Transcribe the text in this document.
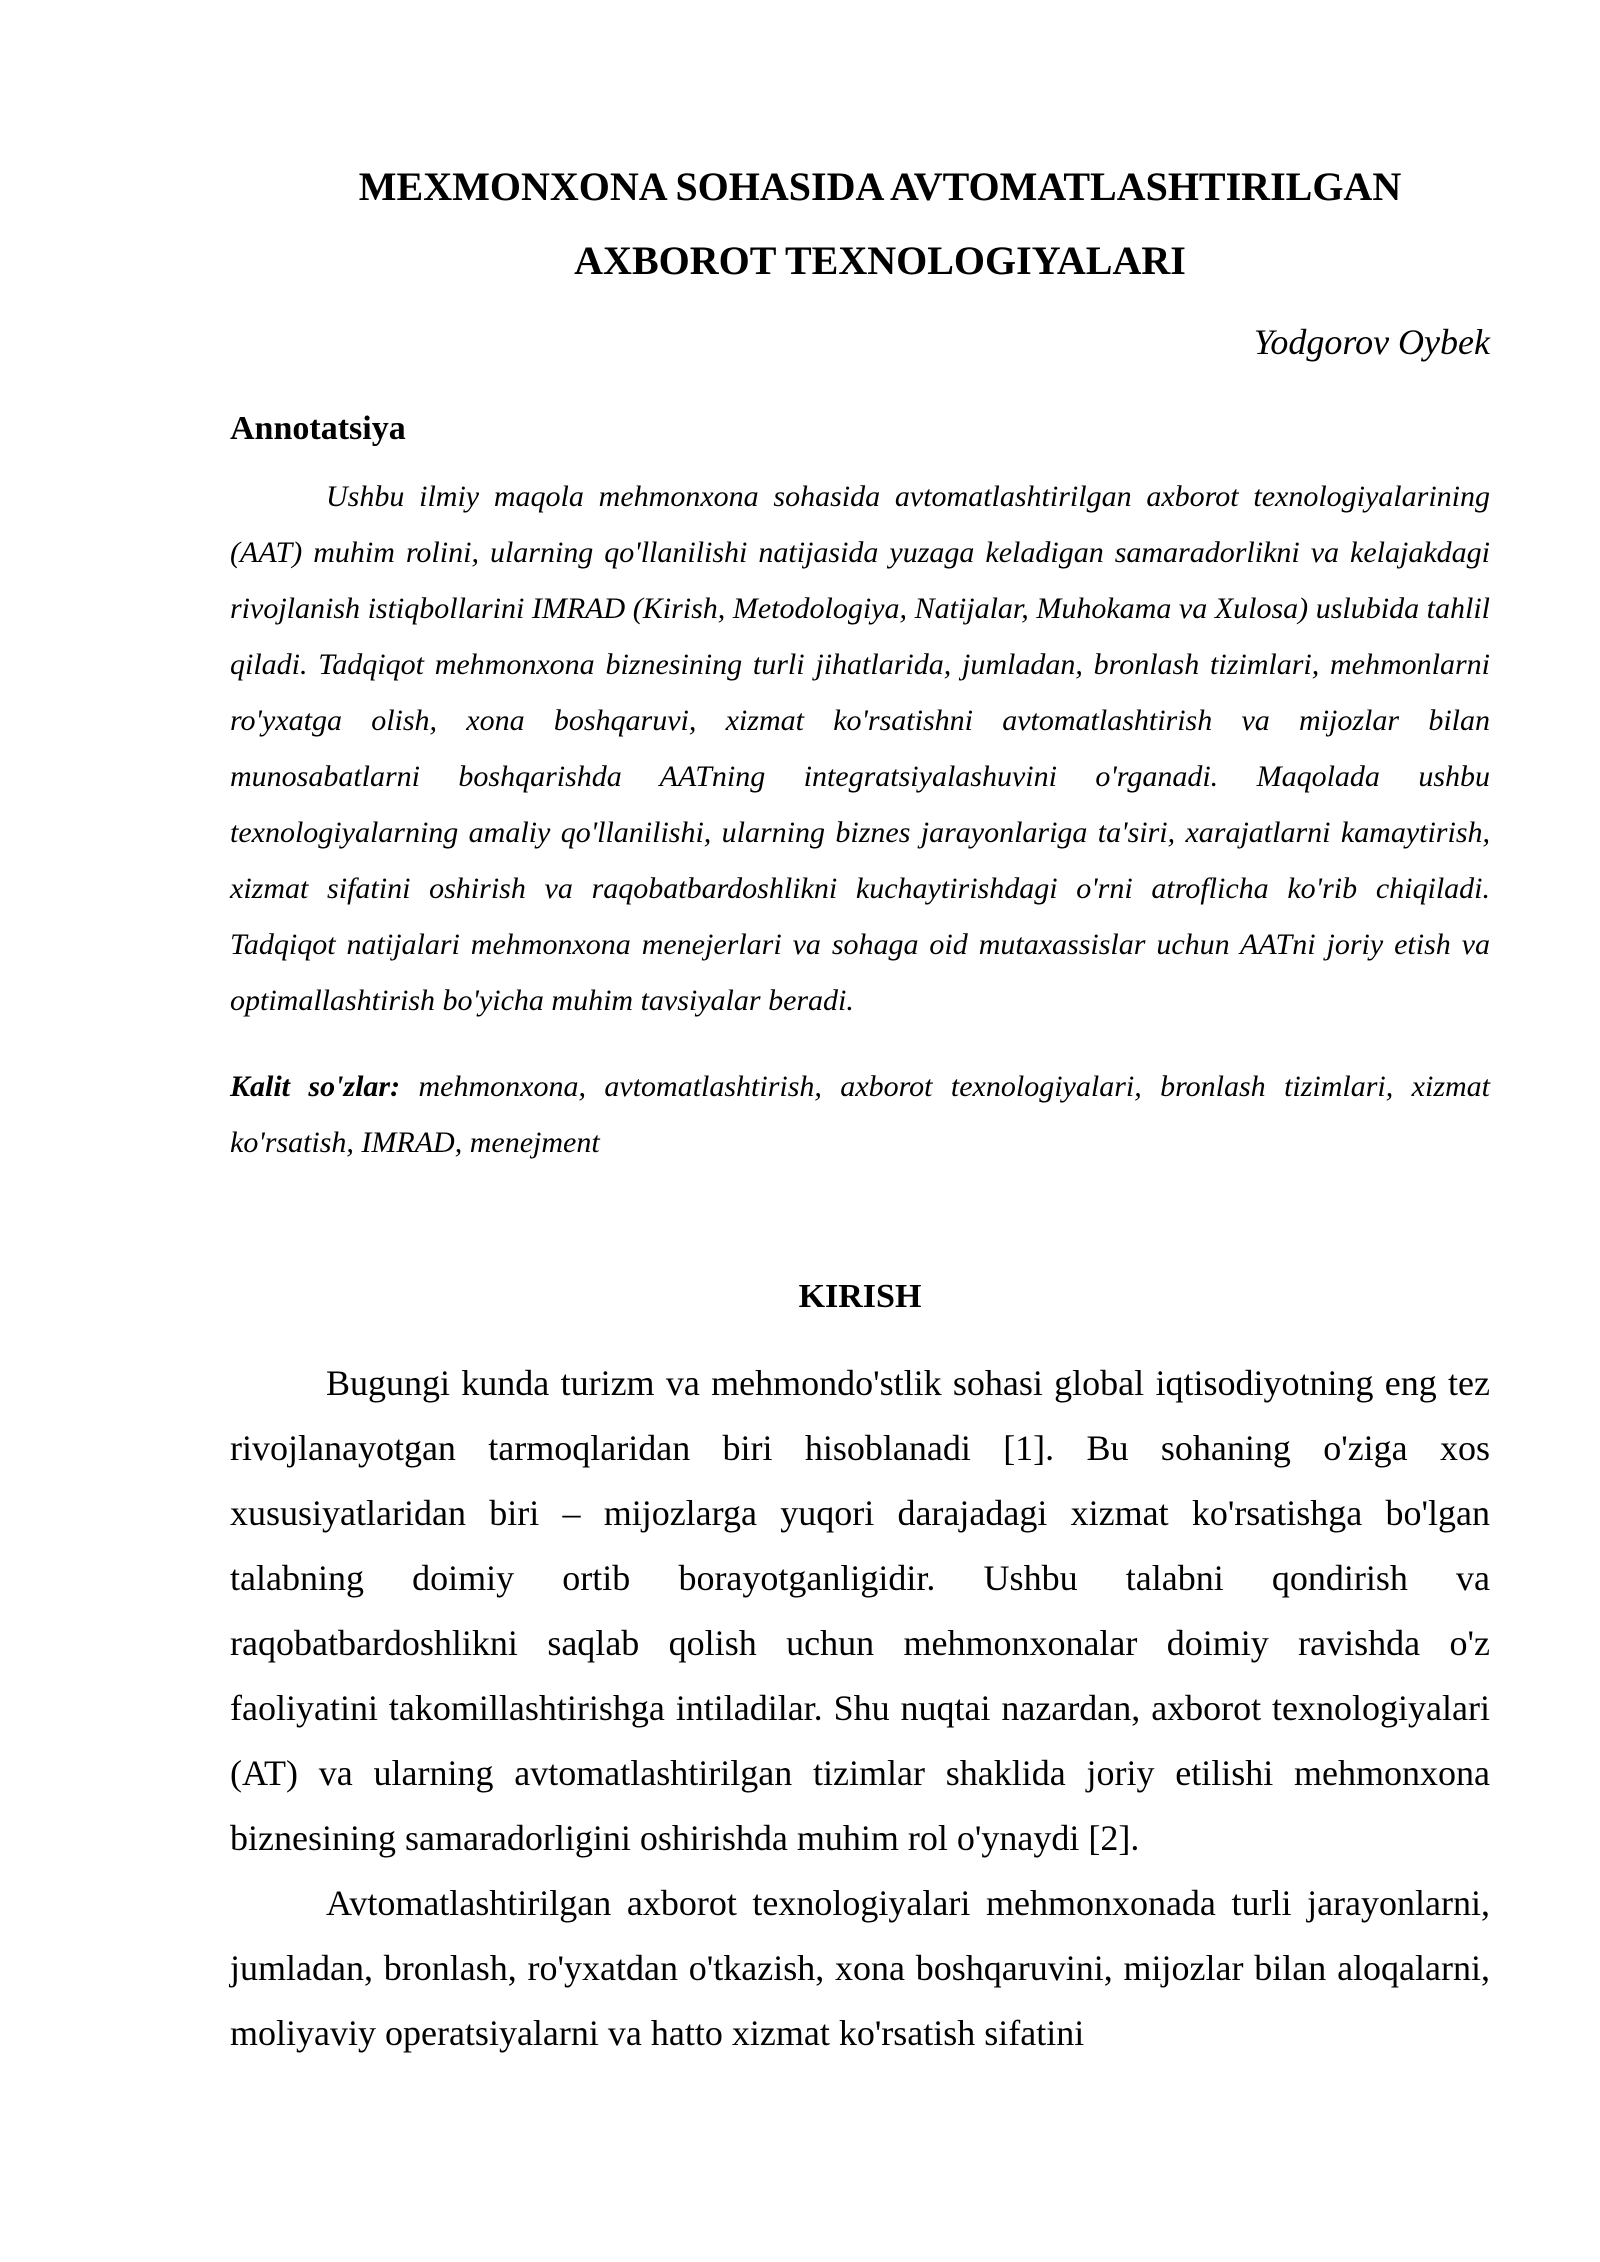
MEXMONXONA SOHASIDA AVTOMATLASHTIRILGAN
AXBOROT TEXNOLOGIYALARI
Yodgorov Oybek
Annotatsiya

Ushbu ilmiy maqola mehmonxona sohasida avtomatlashtirilgan axborot texnologiyalarining (AAT) muhim rolini, ularning qo'llanilishi natijasida yuzaga keladigan samaradorlikni va kelajakdagi rivojlanish istiqbollarini IMRAD (Kirish, Metodologiya, Natijalar, Muhokama va Xulosa) uslubida tahlil qiladi. Tadqiqot mehmonxona biznesining turli jihatlarida, jumladan, bronlash tizimlari, mehmonlarni ro'yxatga olish, xona boshqaruvi, xizmat ko'rsatishni avtomatlashtirish va mijozlar bilan munosabatlarni boshqarishda AATning integratsiyalashuvini o'rganadi. Maqolada ushbu texnologiyalarning amaliy qo'llanilishi, ularning biznes jarayonlariga ta'siri, xarajatlarni kamaytirish, xizmat sifatini oshirish va raqobatbardoshlikni kuchaytirishdagi o'rni atroflicha ko'rib chiqiladi. Tadqiqot natijalari mehmonxona menejerlari va sohaga oid mutaxassislar uchun AATni joriy etish va optimallashtirish bo'yicha muhim tavsiyalar beradi.

Kalit so'zlar: mehmonxona, avtomatlashtirish, axborot texnologiyalari, bronlash tizimlari, xizmat ko'rsatish, IMRAD, menejment

KIRISH

Bugungi kunda turizm va mehmondo'stlik sohasi global iqtisodiyotning eng tez rivojlanayotgan tarmoqlaridan biri hisoblanadi [1]. Bu sohaning o'ziga xos xususiyatlaridan biri – mijozlarga yuqori darajadagi xizmat ko'rsatishga bo'lgan talabning doimiy ortib borayotganligidir. Ushbu talabni qondirish va raqobatbardoshlikni saqlab qolish uchun mehmonxonalar doimiy ravishda o'z faoliyatini takomillashtirishga intiladilar. Shu nuqtai nazardan, axborot texnologiyalari (AT) va ularning avtomatlashtirilgan tizimlar shaklida joriy etilishi mehmonxona biznesining samaradorligini oshirishda muhim rol o'ynaydi [2].

Avtomatlashtirilgan axborot texnologiyalari mehmonxonada turli jarayonlarni, jumladan, bronlash, ro'yxatdan o'tkazish, xona boshqaruvini, mijozlar bilan aloqalarni, moliyaviy operatsiyalarni va hatto xizmat ko'rsatish sifatini
